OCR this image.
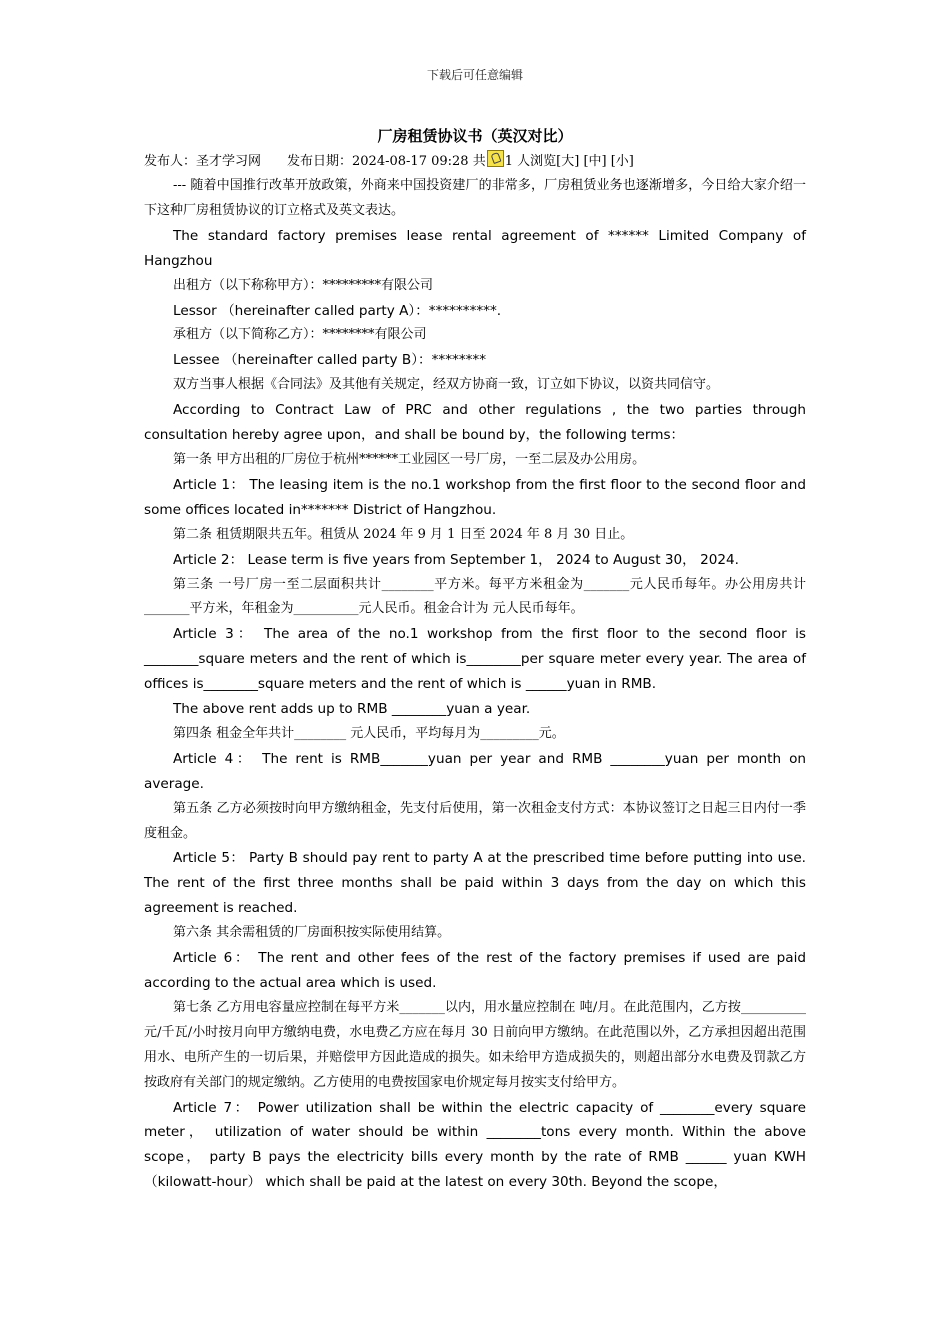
下载后可任意编辑
厂房租赁协议书（英汉对比）
发布人：圣才学习网 发布日期：2024-08-17 09:28 共 1 人浏览[大] [中] [小]

--- 随着中国推行改革开放政策，外商来中国投资建厂的非常多，厂房租赁业务也逐渐增多，今日给大家介绍一下这种厂房租赁协议的订立格式及英文表达。

The standard factory premises lease rental agreement of ****** Limited Company of Hangzhou

出租方（以下称称甲方）：*********有限公司

Lessor （hereinafter called party A）：**********.

承租方（以下简称乙方）：********有限公司

Lessee （hereinafter called party B）：********

双方当事人根据《合同法》及其他有关规定，经双方协商一致，订立如下协议，以资共同信守。

According to Contract Law of PRC and other regulations , the two parties through consultation hereby agree upon，and shall be bound by，the following terms：

第一条 甲方出租的厂房位于杭州******工业园区一号厂房，一至二层及办公用房。

Article 1： The leasing item is the no.1 workshop from the first floor to the second floor and some offices located in******* District of Hangzhou.

第二条 租赁期限共五年。租赁从 2024 年 9 月 1 日至 2024 年 8 月 30 日止。

Article 2： Lease term is five years from September 1， 2024 to August 30， 2024.

第三条 一号厂房一至二层面积共计________平方米。每平方米租金为_______元人民币每年。办公用房共计_______平方米，年租金为__________元人民币。租金合计为 元人民币每年。

Article 3： The area of the no.1 workshop from the first floor to the second floor is ________square meters and the rent of which is________per square meter every year. The area of offices is________square meters and the rent of which is ______yuan in RMB.

The above rent adds up to RMB ________yuan a year.

第四条 租金全年共计________ 元人民币，平均每月为_________元。

Article 4： The rent is RMB_______yuan per year and RMB ________yuan per month on average.

第五条 乙方必须按时向甲方缴纳租金，先支付后使用，第一次租金支付方式：本协议签订之日起三日内付一季度租金。

Article 5： Party B should pay rent to party A at the prescribed time before putting into use. The rent of the first three months shall be paid within 3 days from the day on which this agreement is reached.

第六条 其余需租赁的厂房面积按实际使用结算。

Article 6： The rent and other fees of the rest of the factory premises if used are paid according to the actual area which is used.

第七条 乙方用电容量应控制在每平方米_______以内，用水量应控制在 吨/月。在此范围内，乙方按__________元/千瓦/小时按月向甲方缴纳电费，水电费乙方应在每月 30 日前向甲方缴纳。在此范围以外，乙方承担因超出范围用水、电所产生的一切后果，并赔偿甲方因此造成的损失。如未给甲方造成损失的，则超出部分水电费及罚款乙方按政府有关部门的规定缴纳。乙方使用的电费按国家电价规定每月按实支付给甲方。

Article 7： Power utilization shall be within the electric capacity of ________every square meter， utilization of water should be within ________tons every month. Within the above scope， party B pays the electricity bills every month by the rate of RMB ______ yuan KWH（kilowatt-hour） which shall be paid at the latest on every 30th. Beyond the scope，
